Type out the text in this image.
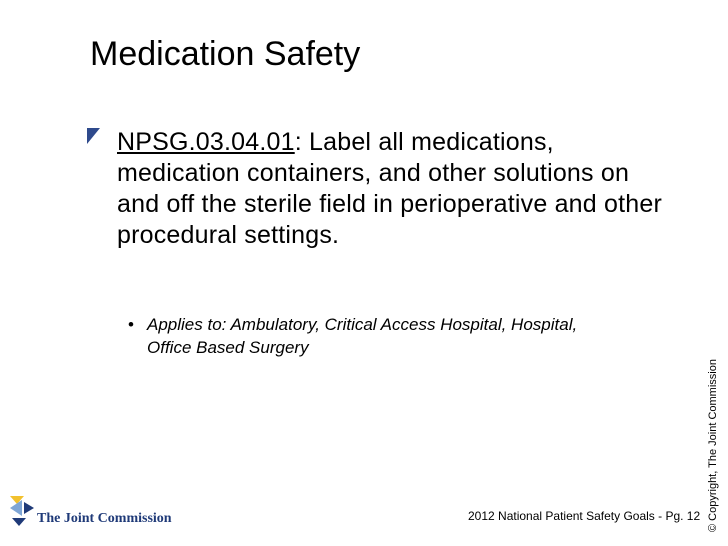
Medication Safety
NPSG.03.04.01: Label all medications, medication containers, and other solutions on and off the sterile field in perioperative and other procedural settings.
• Applies to: Ambulatory, Critical Access Hospital, Hospital, Office Based Surgery
The Joint Commission	2012 National Patient Safety Goals - Pg. 12 © Copyright, The Joint Commission
